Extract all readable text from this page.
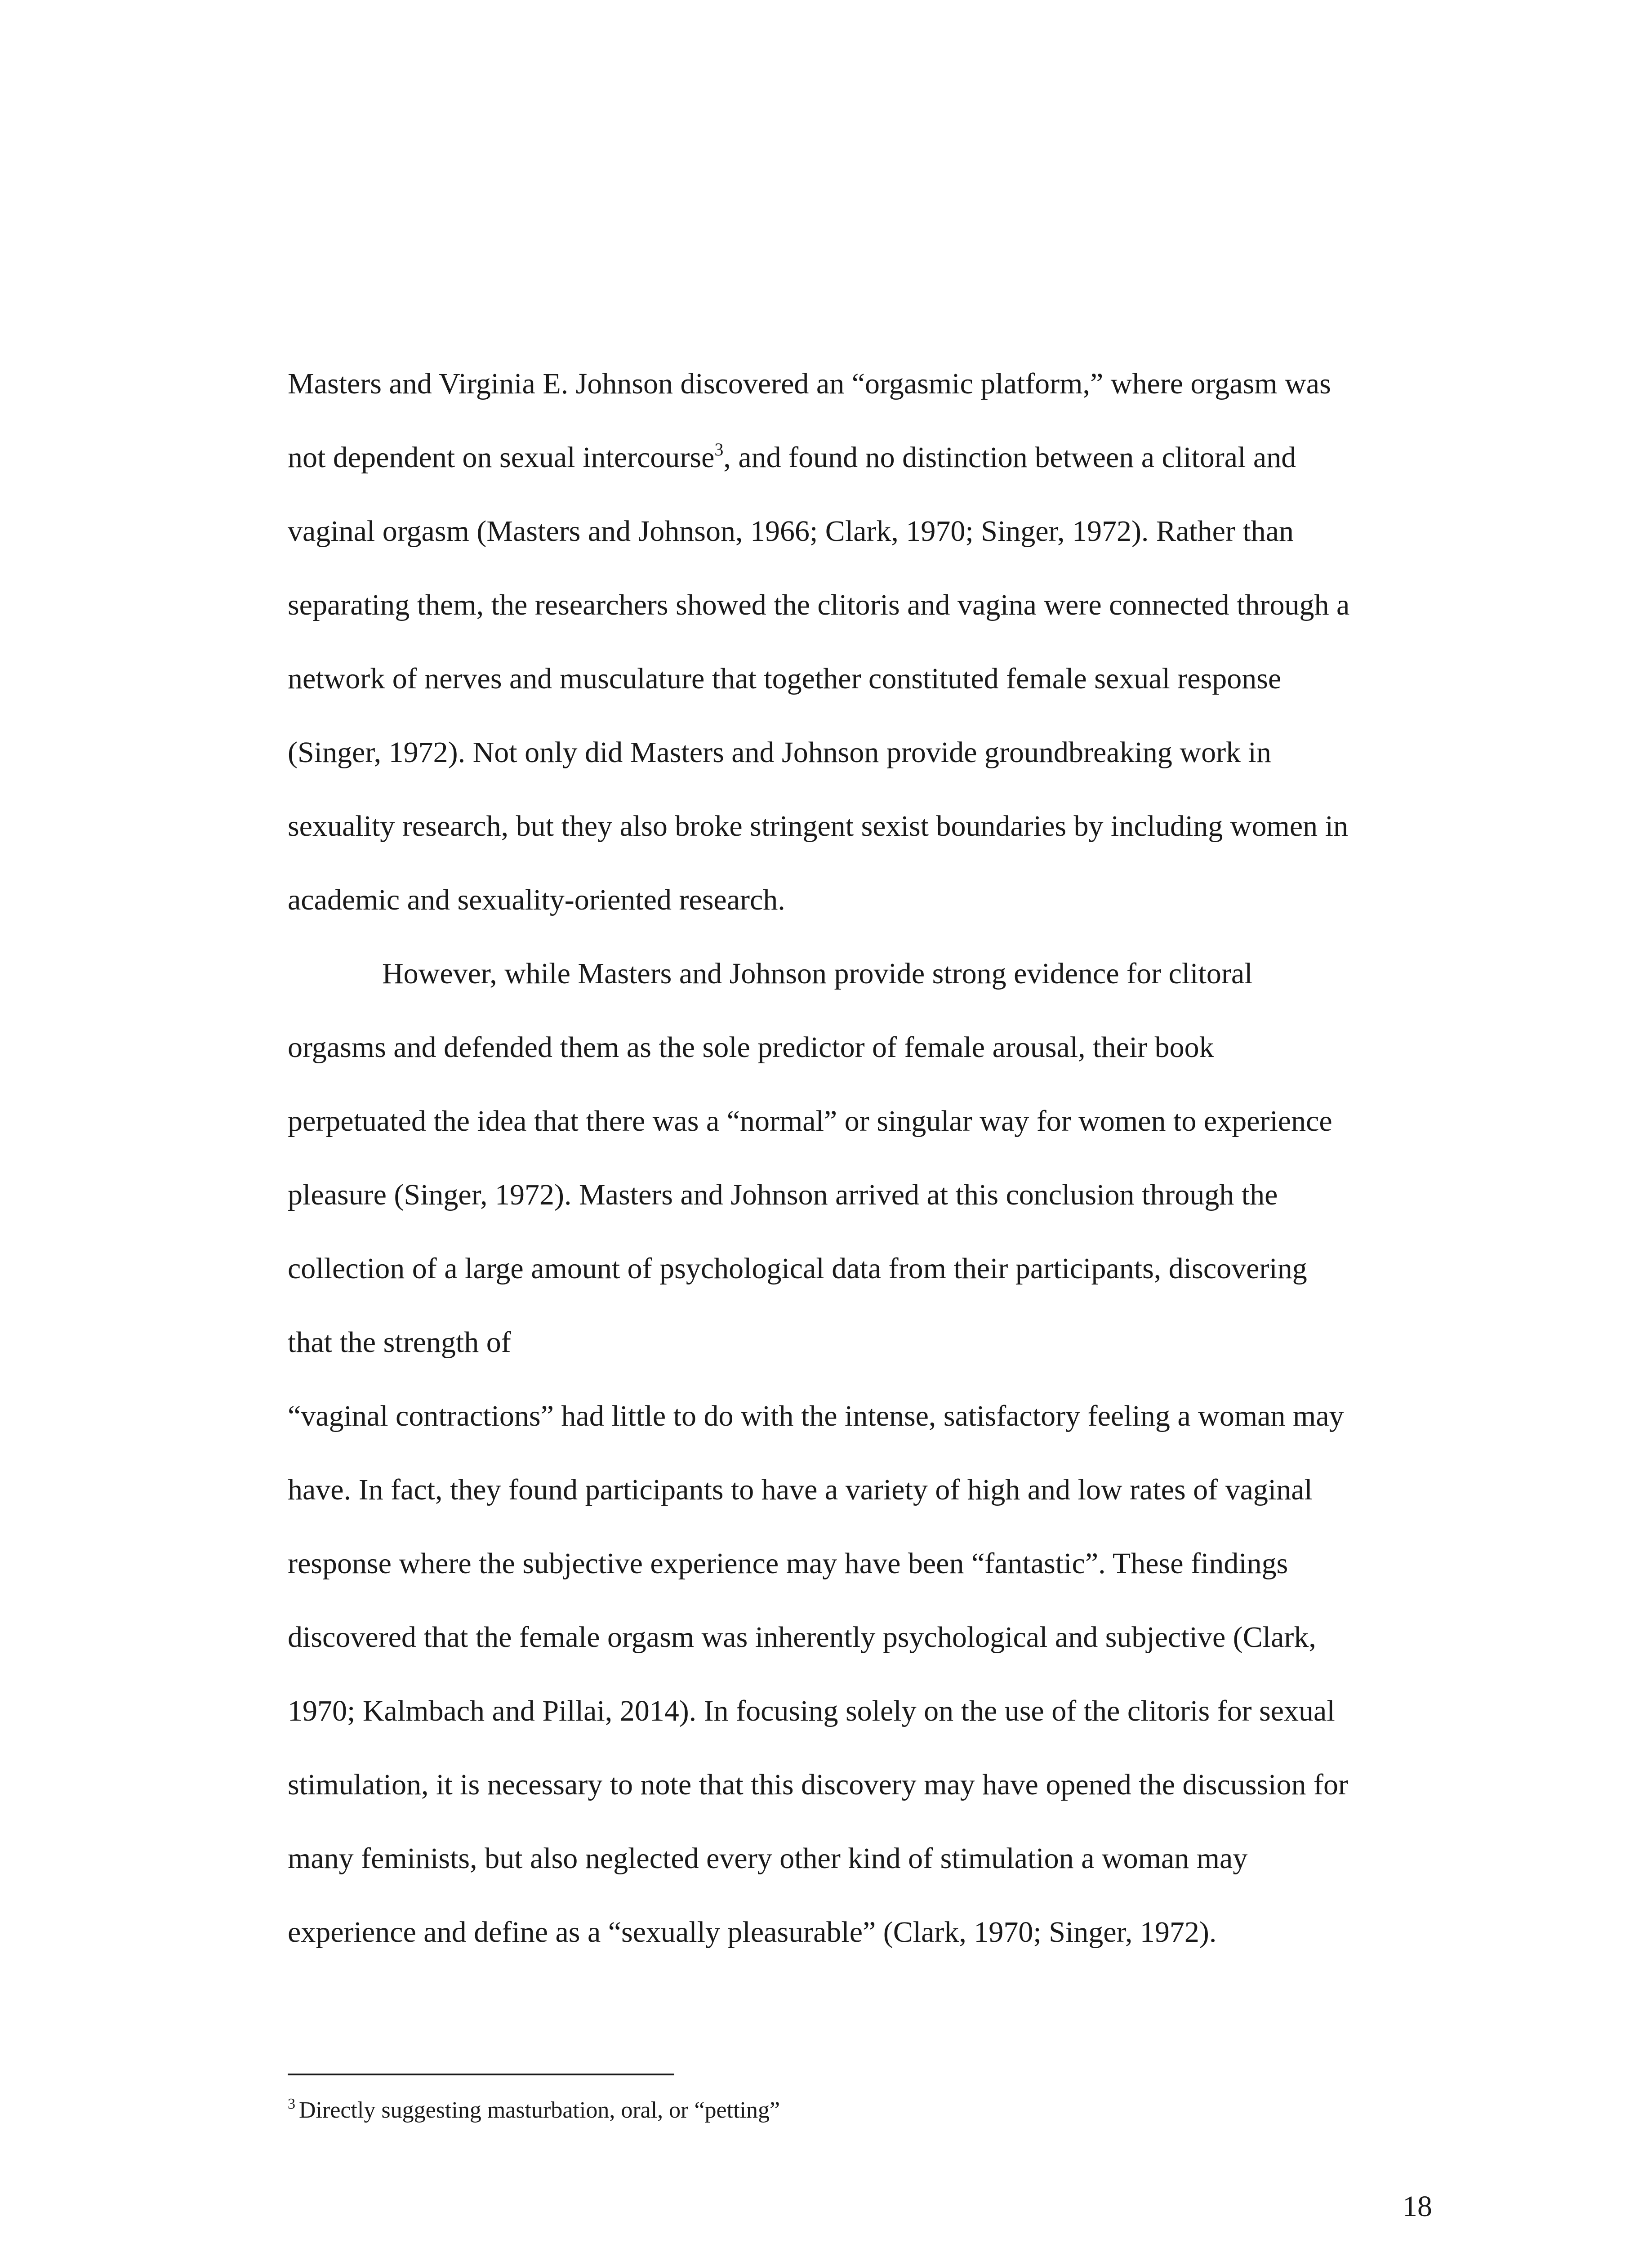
Masters and Virginia E. Johnson discovered an “orgasmic platform,” where orgasm was
not dependent on sexual intercourse$^3$, and found no distinction between a clitoral and
vaginal orgasm (Masters and Johnson, 1966; Clark, 1970; Singer, 1972). Rather than
separating them, the researchers showed the clitoris and vagina were connected through a
network of nerves and musculature that together constituted female sexual response
(Singer, 1972). Not only did Masters and Johnson provide groundbreaking work in
sexuality research, but they also broke stringent sexist boundaries by including women in
academic and sexuality-oriented research.
However, while Masters and Johnson provide strong evidence for clitoral
orgasms and defended them as the sole predictor of female arousal, their book
perpetuated the idea that there was a “normal” or singular way for women to experience
pleasure (Singer, 1972). Masters and Johnson arrived at this conclusion through the
collection of a large amount of psychological data from their participants, discovering
that the strength of
“vaginal contractions” had little to do with the intense, satisfactory feeling a woman may
have. In fact, they found participants to have a variety of high and low rates of vaginal
response where the subjective experience may have been “fantastic”. These findings
discovered that the female orgasm was inherently psychological and subjective (Clark,
1970; Kalmbach and Pillai, 2014). In focusing solely on the use of the clitoris for sexual
stimulation, it is necessary to note that this discovery may have opened the discussion for
many feminists, but also neglected every other kind of stimulation a woman may
experience and define as a “sexually pleasurable” (Clark, 1970; Singer, 1972).
$^3$ Directly suggesting masturbation, oral, or “petting”
18
